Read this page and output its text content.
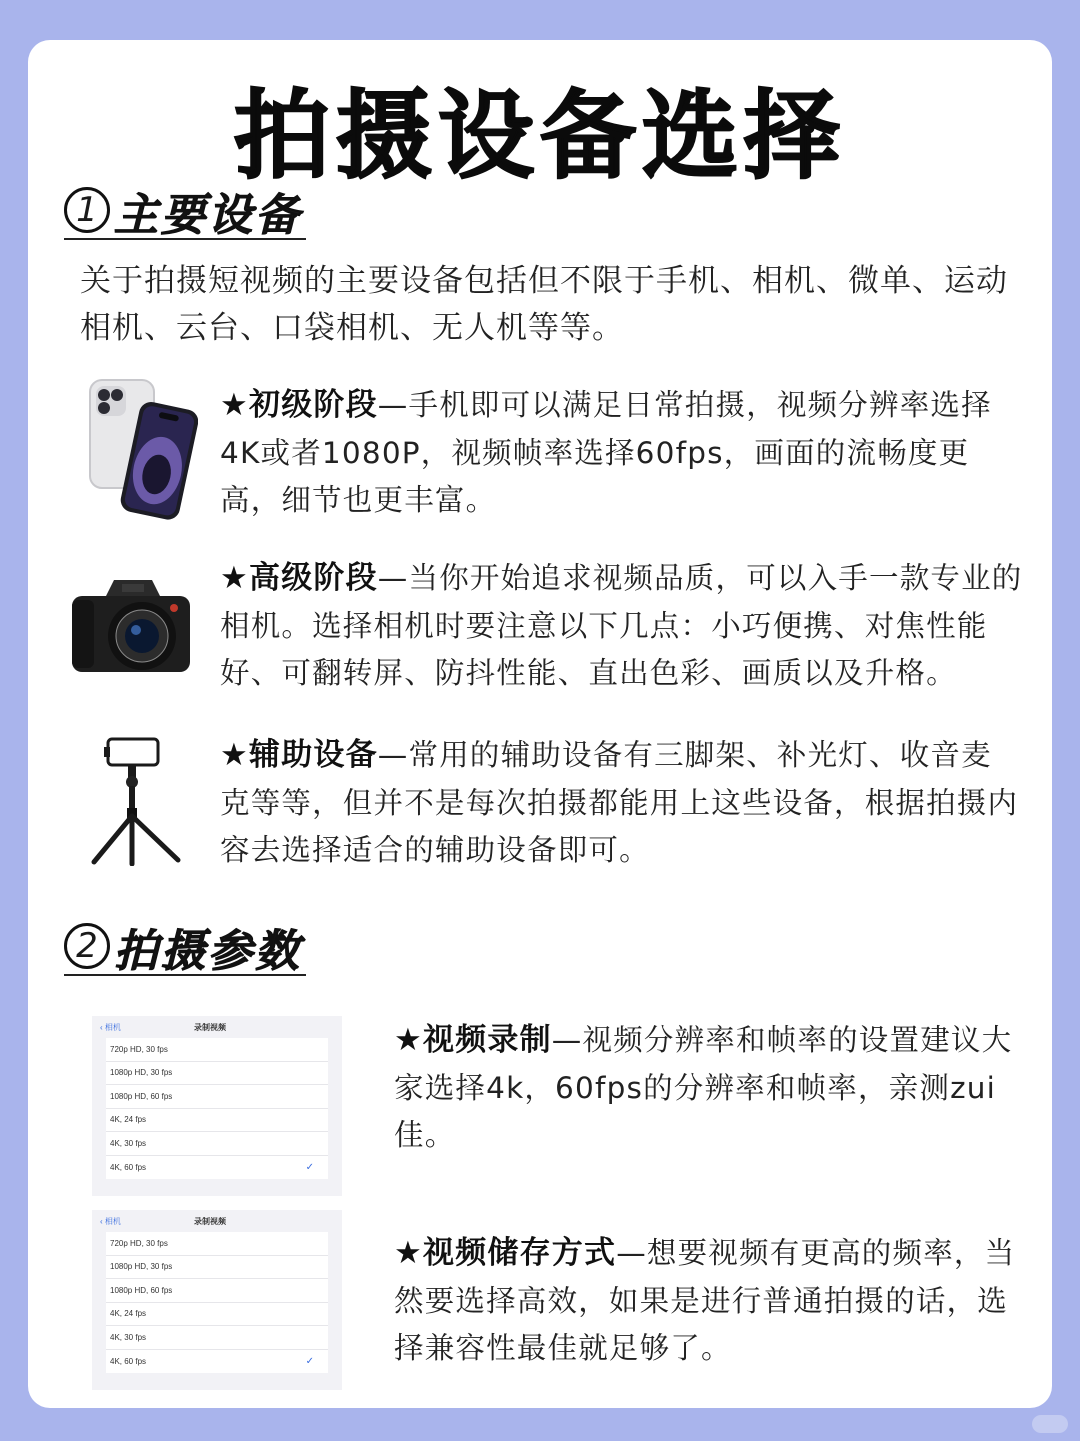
拍摄设备选择
1 主要设备
关于拍摄短视频的主要设备包括但不限于手机、相机、微单、运动相机、云台、口袋相机、无人机等等。
★初级阶段—手机即可以满足日常拍摄，视频分辨率选择4K或者1080P，视频帧率选择60fps，画面的流畅度更高，细节也更丰富。
★高级阶段—当你开始追求视频品质，可以入手一款专业的相机。选择相机时要注意以下几点：小巧便携、对焦性能好、可翻转屏、防抖性能、直出色彩、画质以及升格。
★辅助设备—常用的辅助设备有三脚架、补光灯、收音麦克等等，但并不是每次拍摄都能用上这些设备，根据拍摄内容去选择适合的辅助设备即可。
2 拍摄参数
‹ 相机	录制视频
720p HD, 30 fps
1080p HD, 30 fps
1080p HD, 60 fps
4K, 24 fps
4K, 30 fps
4K, 60 fps	✓
★视频录制—视频分辨率和帧率的设置建议大家选择4k，60fps的分辨率和帧率，亲测zui佳。
‹ 相机	录制视频
720p HD, 30 fps
1080p HD, 30 fps
1080p HD, 60 fps
4K, 24 fps
4K, 30 fps
4K, 60 fps	✓
★视频储存方式—想要视频有更高的频率，当然要选择高效，如果是进行普通拍摄的话，选择兼容性最佳就足够了。
